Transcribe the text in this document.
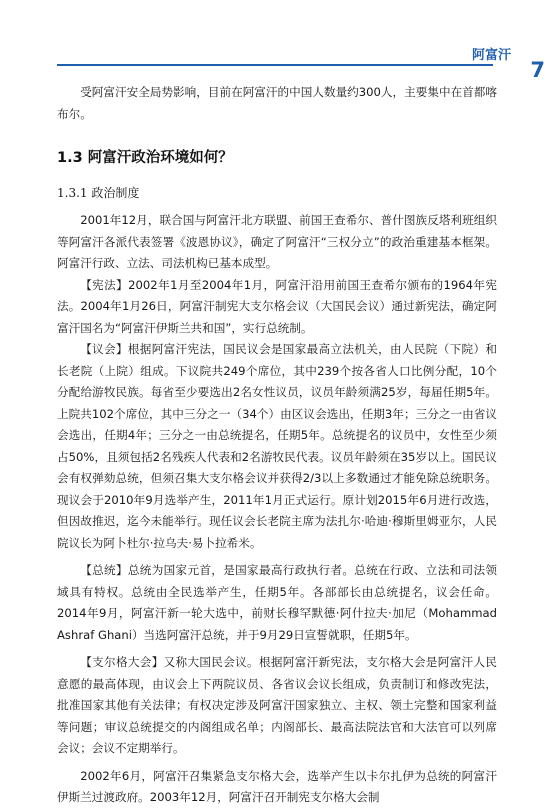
阿富汗
7

受阿富汗安全局势影响，目前在阿富汗的中国人数量约300人，主要集中在首都喀布尔。

1.3 阿富汗政治环境如何？
1.3.1 政治制度

2001年12月，联合国与阿富汗北方联盟、前国王查希尔、普什图族反塔利班组织等阿富汗各派代表签署《波恩协议》，确定了阿富汗“三权分立”的政治重建基本框架。阿富汗行政、立法、司法机构已基本成型。

【宪法】2002年1月至2004年1月，阿富汗沿用前国王查希尔颁布的1964年宪法。2004年1月26日，阿富汗制宪大支尔格会议（大国民会议）通过新宪法，确定阿富汗国名为“阿富汗伊斯兰共和国”，实行总统制。

【议会】根据阿富汗宪法，国民议会是国家最高立法机关，由人民院（下院）和长老院（上院）组成。下议院共249个席位，其中239个按各省人口比例分配，10个分配给游牧民族。每省至少要选出2名女性议员，议员年龄须满25岁，每届任期5年。上院共102个席位，其中三分之一（34个）由区议会选出，任期3年；三分之一由省议会选出，任期4年；三分之一由总统提名，任期5年。总统提名的议员中，女性至少须占50%，且须包括2名残疾人代表和2名游牧民代表。议员年龄须在35岁以上。国民议会有权弹劾总统，但须召集大支尔格会议并获得2/3以上多数通过才能免除总统职务。现议会于2010年9月选举产生，2011年1月正式运行。原计划2015年6月进行改选，但因故推迟，迄今未能举行。现任议会长老院主席为法扎尔·哈迪·穆斯里姆亚尔，人民院议长为阿卜杜尔·拉乌夫·易卜拉希米。

【总统】总统为国家元首，是国家最高行政执行者。总统在行政、立法和司法领域具有特权。总统由全民选举产生，任期5年。各部部长由总统提名，议会任命。2014年9月，阿富汗新一轮大选中，前财长穆罕默德·阿什拉夫·加尼（Mohammad Ashraf Ghani）当选阿富汗总统，并于9月29日宣誓就职，任期5年。

【支尔格大会】又称大国民会议。根据阿富汗新宪法，支尔格大会是阿富汗人民意愿的最高体现，由议会上下两院议员、各省议会议长组成，负责制订和修改宪法，批准国家其他有关法律；有权决定涉及阿富汗国家独立、主权、领土完整和国家利益等问题；审议总统提交的内阁组成名单；内阁部长、最高法院法官和大法官可以列席会议；会议不定期举行。

2002年6月，阿富汗召集紧急支尔格大会，选举产生以卡尔扎伊为总统的阿富汗伊斯兰过渡政府。2003年12月，阿富汗召开制宪支尔格大会制
